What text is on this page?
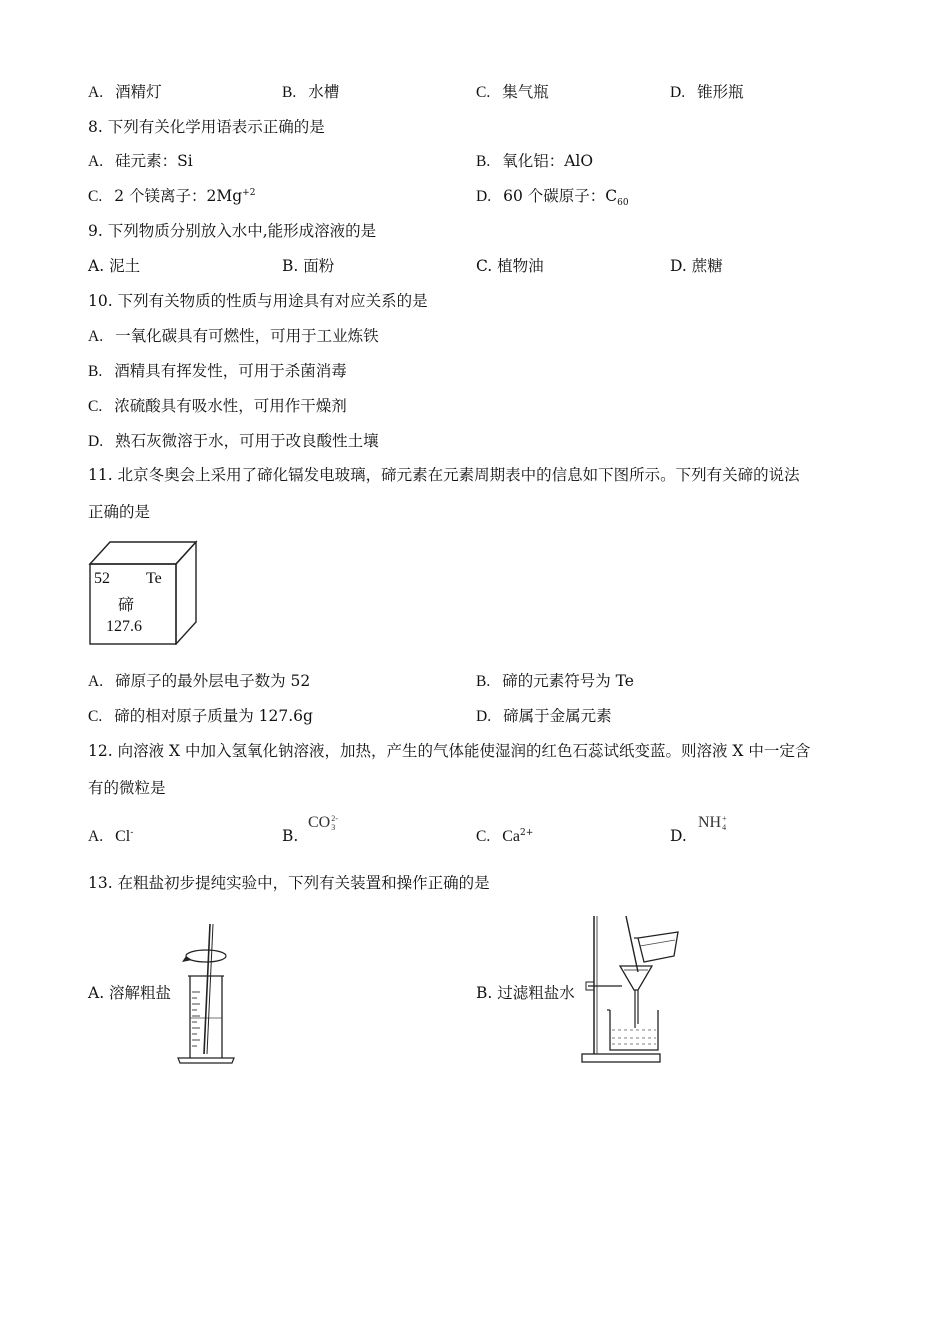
A. 酒精灯	B. 水槽	C. 集气瓶	D. 锥形瓶
8. 下列有关化学用语表示正确的是
A. 硅元素：Si	B. 氧化铝：AlO
C. 2 个镁离子：$2Mg^{+2}$	D. 60 个碳原子：$C_{60}$
9. 下列物质分别放入水中,能形成溶液的是
A. 泥土	B. 面粉	C. 植物油	D. 蔗糖
10. 下列有关物质的性质与用途具有对应关系的是
A. 一氧化碳具有可燃性，可用于工业炼铁
B. 酒精具有挥发性，可用于杀菌消毒
C. 浓硫酸具有吸水性，可用作干燥剂
D. 熟石灰微溶于水，可用于改良酸性土壤
11. 北京冬奥会上采用了碲化镉发电玻璃，碲元素在元素周期表中的信息如下图所示。下列有关碲的说法
正确的是
52 Te
碲
127.6
A. 碲原子的最外层电子数为 52	B. 碲的元素符号为 Te
C. 碲的相对原子质量为 127.6g	D. 碲属于金属元素
12. 向溶液 X 中加入氢氧化钠溶液，加热，产生的气体能使湿润的红色石蕊试纸变蓝。则溶液 X 中一定含
有的微粒是
A. Cl-	B.
CO 2-
3
C. $Ca^{2+}$	D.
NH +
4
13. 在粗盐初步提纯实验中，下列有关装置和操作正确的是
A. 溶解粗盐	B. 过滤粗盐水
